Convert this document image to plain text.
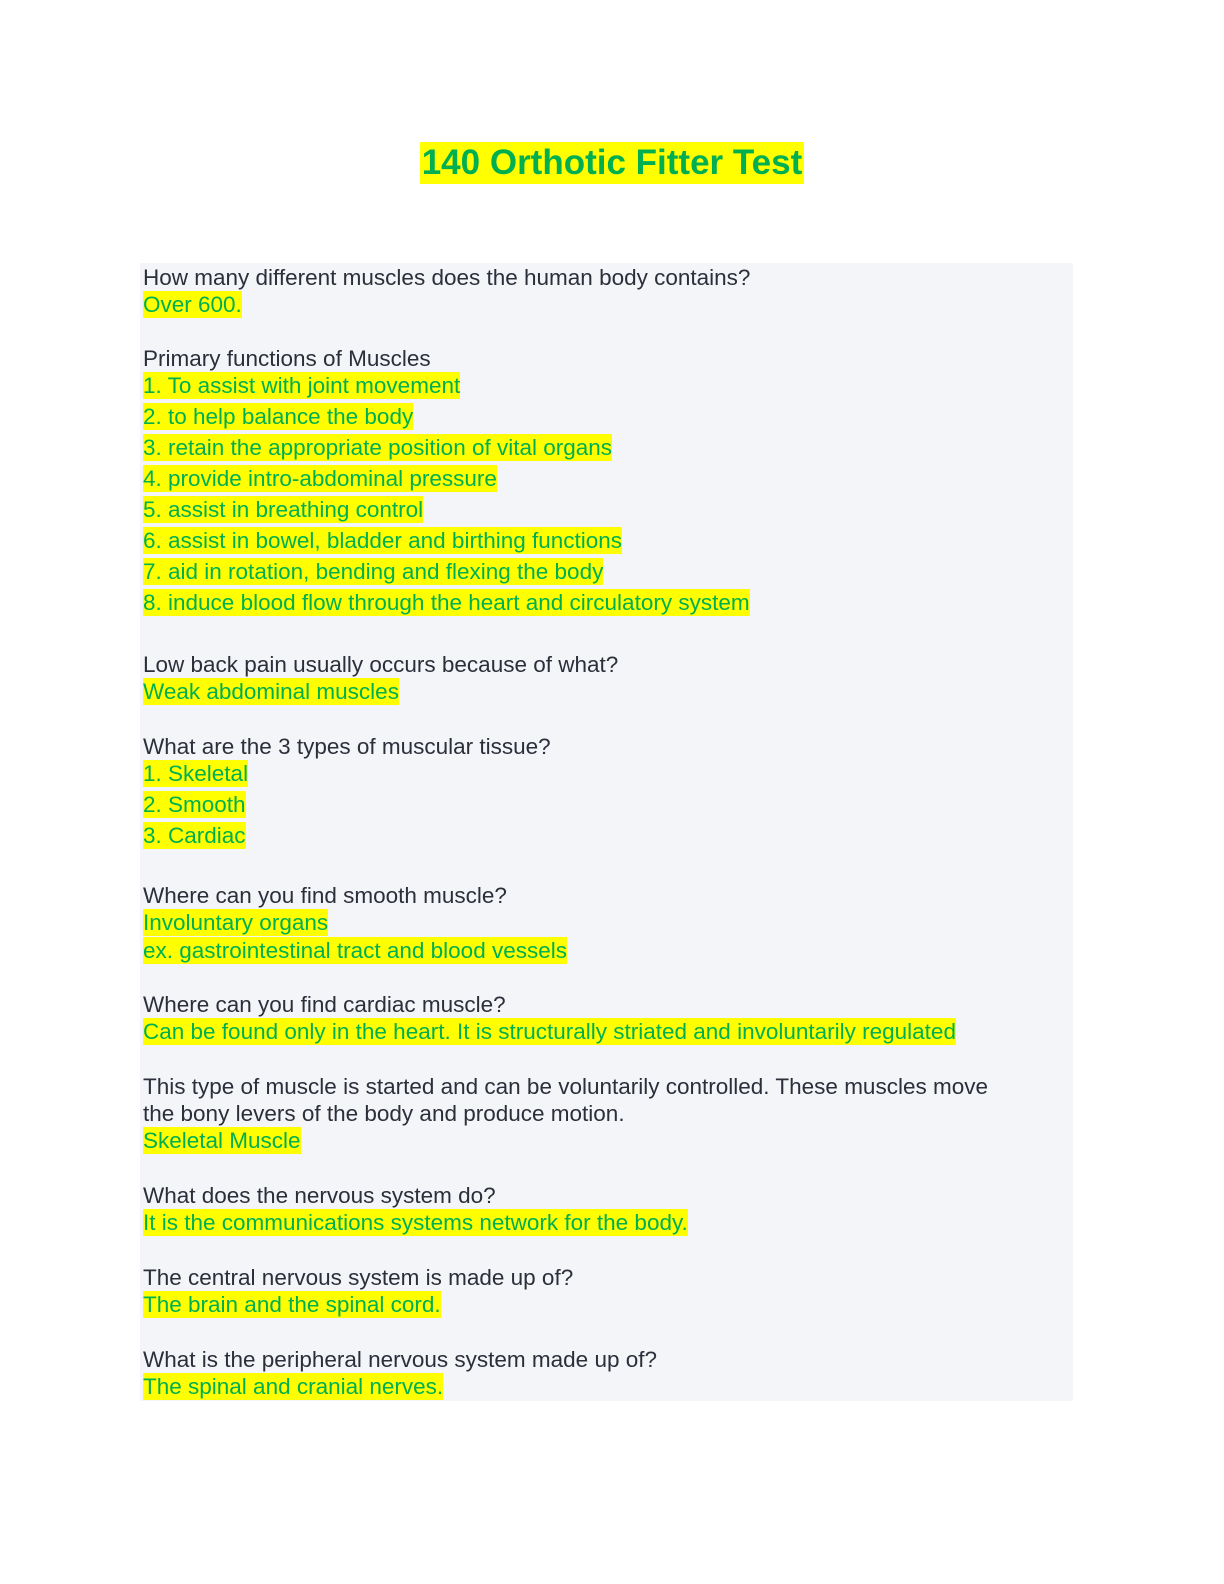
140 Orthotic Fitter Test
How many different muscles does the human body contains?
Over 600.
Primary functions of Muscles
1. To assist with joint movement
2. to help balance the body
3. retain the appropriate position of vital organs
4. provide intro-abdominal pressure
5. assist in breathing control
6. assist in bowel, bladder and birthing functions
7. aid in rotation, bending and flexing the body
8. induce blood flow through the heart and circulatory system
Low back pain usually occurs because of what?
Weak abdominal muscles
What are the 3 types of muscular tissue?
1. Skeletal
2. Smooth
3. Cardiac
Where can you find smooth muscle?
Involuntary organs
ex. gastrointestinal tract and blood vessels
Where can you find cardiac muscle?
Can be found only in the heart. It is structurally striated and involuntarily regulated
This type of muscle is started and can be voluntarily controlled. These muscles move
the bony levers of the body and produce motion.
Skeletal Muscle
What does the nervous system do?
It is the communications systems network for the body.
The central nervous system is made up of?
The brain and the spinal cord.
What is the peripheral nervous system made up of?
The spinal and cranial nerves.
